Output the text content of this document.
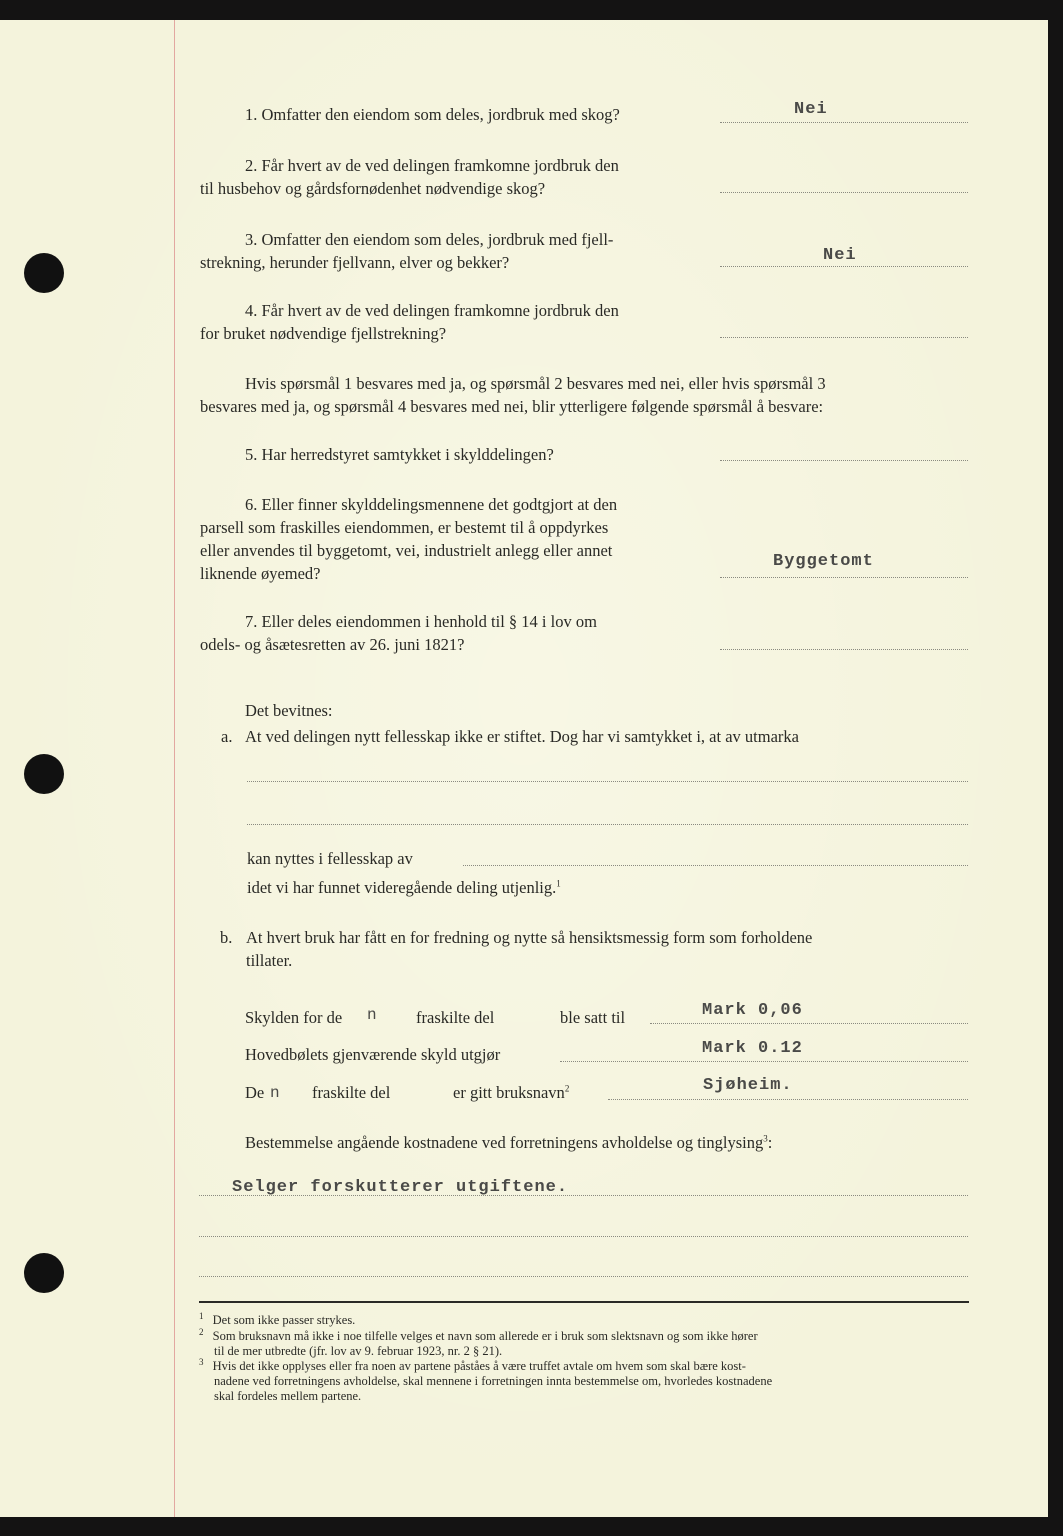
1. Omfatter den eiendom som deles, jordbruk med skog?	Nei
2. Får hvert av de ved delingen framkomne jordbruk den
til husbehov og gårdsfornødenhet nødvendige skog?
3. Omfatter den eiendom som deles, jordbruk med fjell-
strekning, herunder fjellvann, elver og bekker?	Nei
4. Får hvert av de ved delingen framkomne jordbruk den
for bruket nødvendige fjellstrekning?
Hvis spørsmål 1 besvares med ja, og spørsmål 2 besvares med nei, eller hvis spørsmål 3
besvares med ja, og spørsmål 4 besvares med nei, blir ytterligere følgende spørsmål å besvare:
5. Har herredstyret samtykket i skylddelingen?
6. Eller finner skylddelingsmennene det godtgjort at den
parsell som fraskilles eiendommen, er bestemt til å oppdyrkes
eller anvendes til byggetomt, vei, industrielt anlegg eller annet
liknende øyemed?
Byggetomt
7. Eller deles eiendommen i henhold til § 14 i lov om
odels- og åsætesretten av 26. juni 1821?
Det bevitnes:
a. At ved delingen nytt fellesskap ikke er stiftet. Dog har vi samtykket i, at av utmarka
kan nyttes i fellesskap av
idet vi har funnet videregående deling utjenlig.$^1$
b. At hvert bruk har fått en for fredning og nytte så hensiktsmessig form som forholdene
tillater.
Skylden for de n fraskilte del	ble satt til	Mark 0,06
Hovedbølets gjenværende skyld utgjør	Mark 0.12
De n fraskilte del	er gitt bruksnavn$^2$	Sjøheim.
Bestemmelse angående kostnadene ved forretningens avholdelse og tinglysing$^3$:
Selger forskutterer utgiftene.
$^1$ Det som ikke passer strykes.
$^2$ Som bruksnavn må ikke i noe tilfelle velges et navn som allerede er i bruk som slektsnavn og som ikke hører
til de mer utbredte (jfr. lov av 9. februar 1923, nr. 2 § 21).
$^3$ Hvis det ikke opplyses eller fra noen av partene påståes å være truffet avtale om hvem som skal bære kost-
nadene ved forretningens avholdelse, skal mennene i forretningen innta bestemmelse om, hvorledes kostnadene
skal fordeles mellem partene.
